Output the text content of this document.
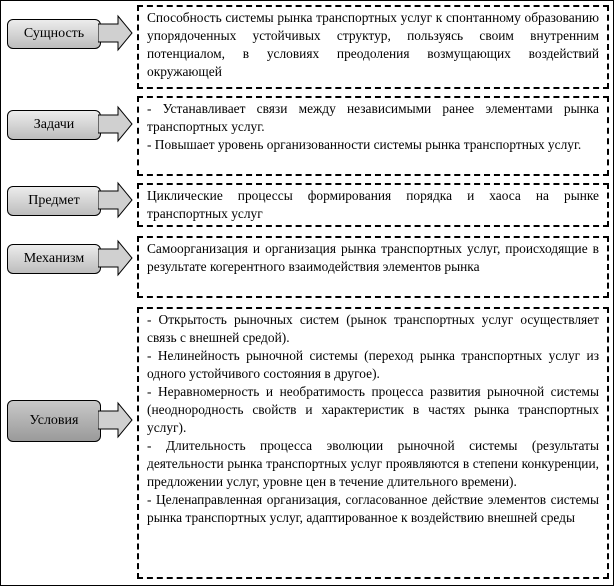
Сущность

Способность системы рынка транспортных услуг к спонтанному образованию упорядоченных устойчивых структур, пользуясь своим внутренним потенциалом, в условиях преодоления возмущающих воздействий окружающей

Задачи

- Устанавливает связи между независимыми ранее элементами рынка транспортных услуг.

- Повышает уровень организованности системы рынка транспортных услуг.

Предмет	Циклические процессы формирования порядка и хаоса на рынке транспортных услуг

Механизм

Самоорганизация и организация рынка транспортных услуг, происходящие в результате когерентного взаимодействия элементов рынка

Условия

- Открытость рыночных систем (рынок транспортных услуг осуществляет связь с внешней средой).

- Нелинейность рыночной системы (переход рынка транспортных услуг из одного устойчивого состояния в другое).

- Неравномерность и необратимость процесса развития рыночной системы (неоднородность свойств и характеристик в частях рынка транспортных услуг).

- Длительность процесса эволюции рыночной системы (результаты деятельности рынка транспортных услуг проявляются в степени конкуренции, предложении услуг, уровне цен в течение длительного времени).

- Целенаправленная организация, согласованное действие элементов системы рынка транспортных услуг, адаптированное к воздействию внешней среды
